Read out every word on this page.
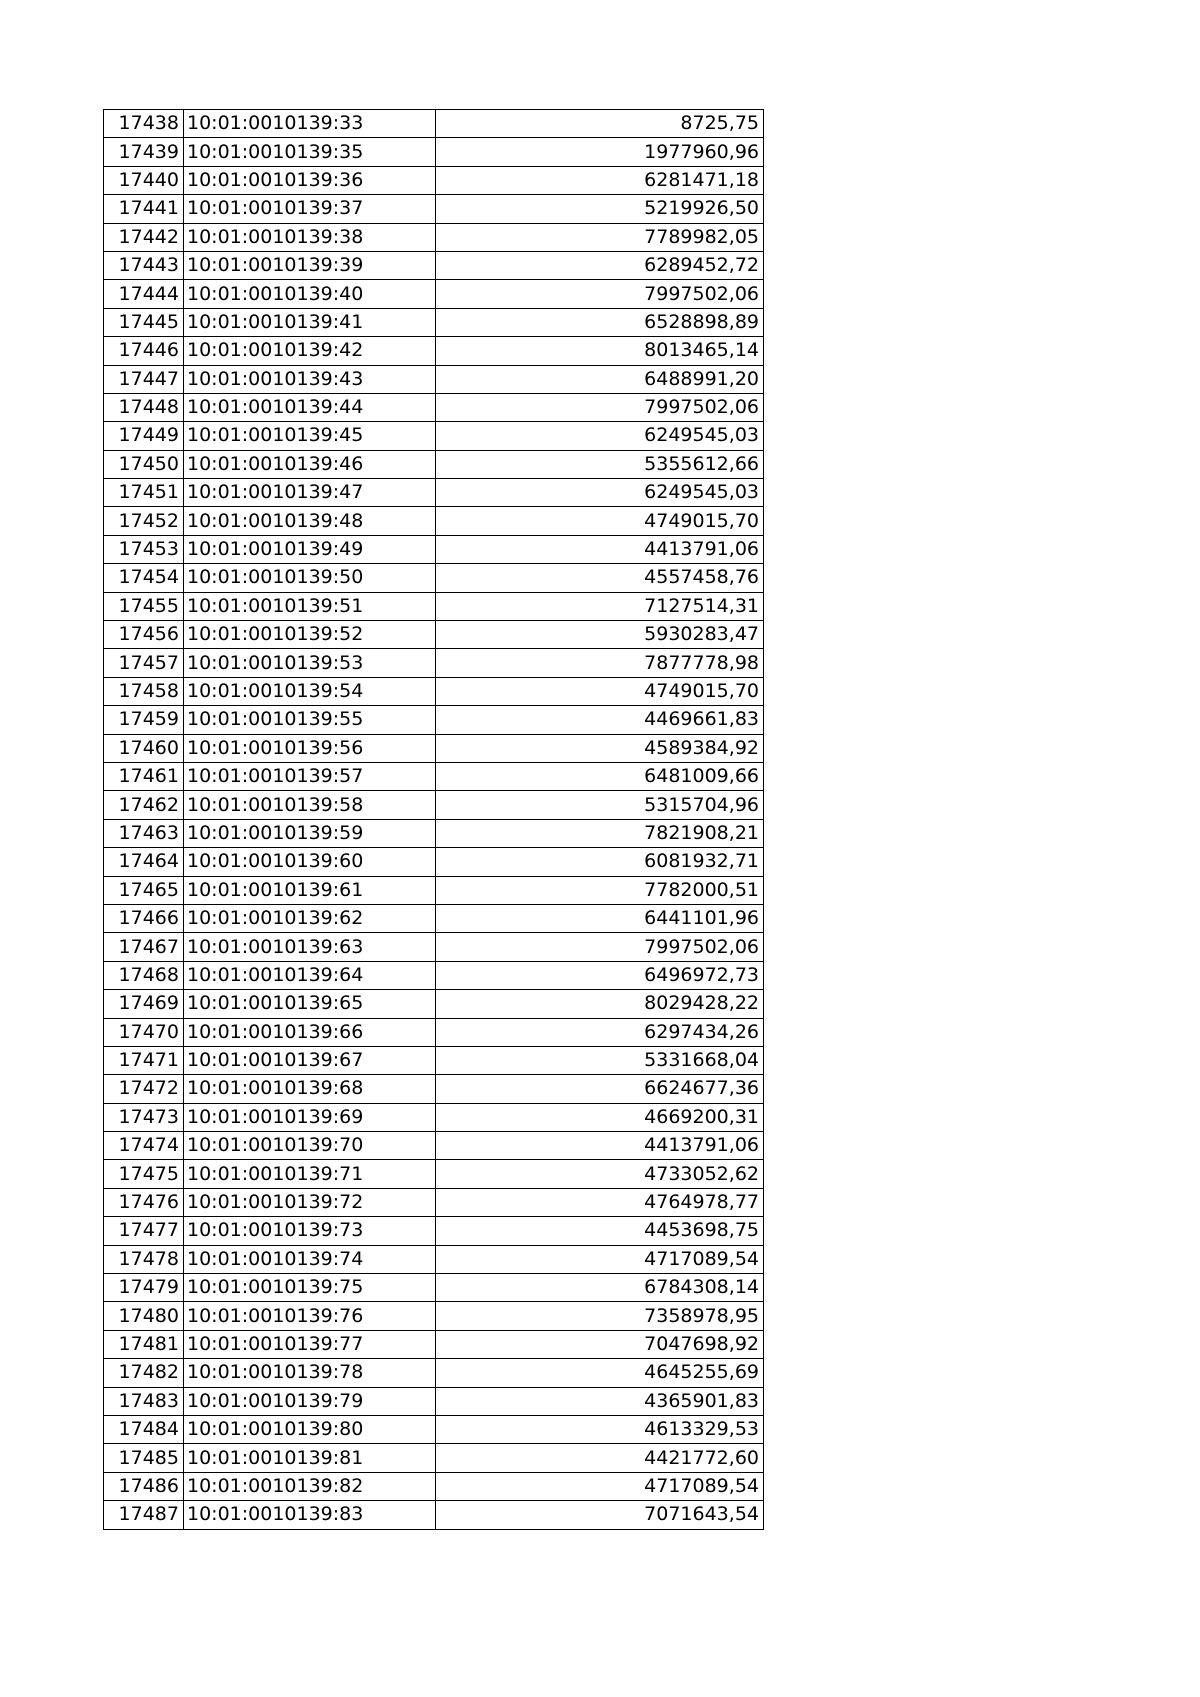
17438	10:01:0010139:33	8725,75
17439	10:01:0010139:35	1977960,96
17440	10:01:0010139:36	6281471,18
17441	10:01:0010139:37	5219926,50
17442	10:01:0010139:38	7789982,05
17443	10:01:0010139:39	6289452,72
17444	10:01:0010139:40	7997502,06
17445	10:01:0010139:41	6528898,89
17446	10:01:0010139:42	8013465,14
17447	10:01:0010139:43	6488991,20
17448	10:01:0010139:44	7997502,06
17449	10:01:0010139:45	6249545,03
17450	10:01:0010139:46	5355612,66
17451	10:01:0010139:47	6249545,03
17452	10:01:0010139:48	4749015,70
17453	10:01:0010139:49	4413791,06
17454	10:01:0010139:50	4557458,76
17455	10:01:0010139:51	7127514,31
17456	10:01:0010139:52	5930283,47
17457	10:01:0010139:53	7877778,98
17458	10:01:0010139:54	4749015,70
17459	10:01:0010139:55	4469661,83
17460	10:01:0010139:56	4589384,92
17461	10:01:0010139:57	6481009,66
17462	10:01:0010139:58	5315704,96
17463	10:01:0010139:59	7821908,21
17464	10:01:0010139:60	6081932,71
17465	10:01:0010139:61	7782000,51
17466	10:01:0010139:62	6441101,96
17467	10:01:0010139:63	7997502,06
17468	10:01:0010139:64	6496972,73
17469	10:01:0010139:65	8029428,22
17470	10:01:0010139:66	6297434,26
17471	10:01:0010139:67	5331668,04
17472	10:01:0010139:68	6624677,36
17473	10:01:0010139:69	4669200,31
17474	10:01:0010139:70	4413791,06
17475	10:01:0010139:71	4733052,62
17476	10:01:0010139:72	4764978,77
17477	10:01:0010139:73	4453698,75
17478	10:01:0010139:74	4717089,54
17479	10:01:0010139:75	6784308,14
17480	10:01:0010139:76	7358978,95
17481	10:01:0010139:77	7047698,92
17482	10:01:0010139:78	4645255,69
17483	10:01:0010139:79	4365901,83
17484	10:01:0010139:80	4613329,53
17485	10:01:0010139:81	4421772,60
17486	10:01:0010139:82	4717089,54
17487	10:01:0010139:83	7071643,54
